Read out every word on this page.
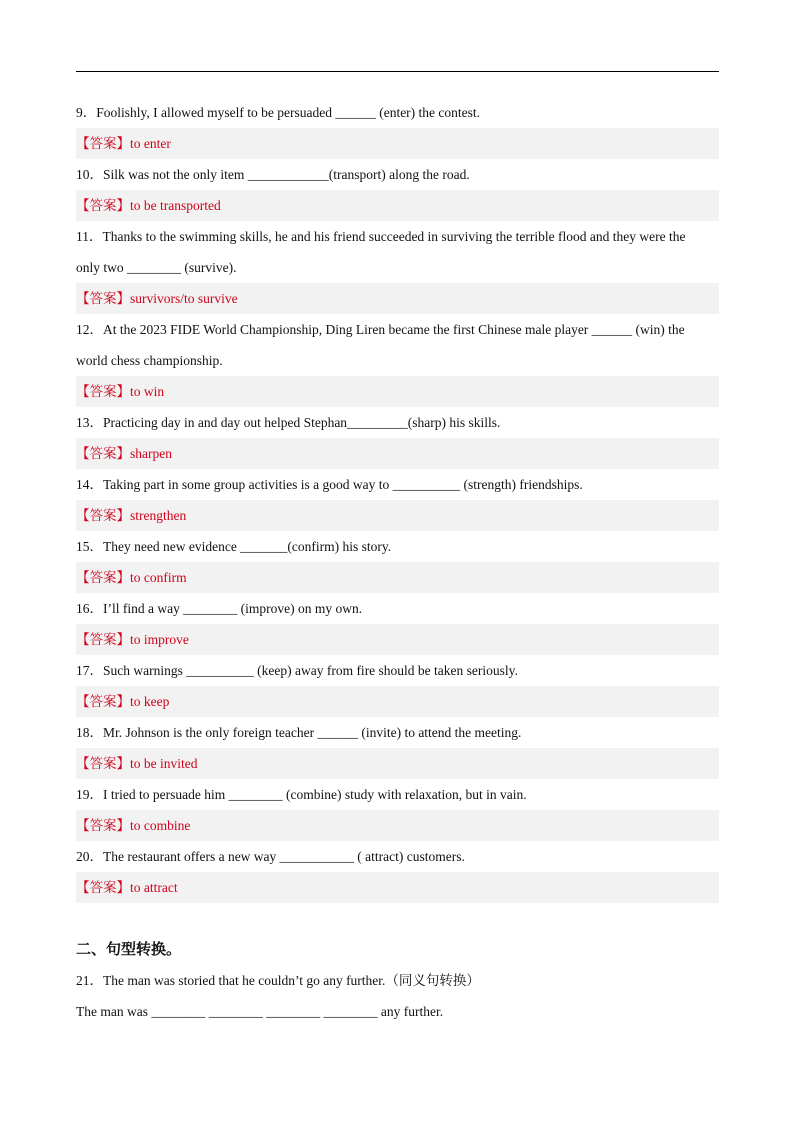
9．Foolishly, I allowed myself to be persuaded ______ (enter) the contest.
【答案】to enter
10．Silk was not the only item ____________(transport) along the road.
【答案】to be transported
11．Thanks to the swimming skills, he and his friend succeeded in surviving the terrible flood and they were the
only two ________ (survive).
【答案】survivors/to survive
12．At the 2023 FIDE World Championship, Ding Liren became the first Chinese male player ______ (win) the
world chess championship.
【答案】to win
13．Practicing day in and day out helped Stephan_________(sharp) his skills.
【答案】sharpen
14．Taking part in some group activities is a good way to __________ (strength) friendships.
【答案】strengthen
15．They need new evidence _______(confirm) his story.
【答案】to confirm
16．I’ll find a way ________ (improve) on my own.
【答案】to improve
17．Such warnings __________ (keep) away from fire should be taken seriously.
【答案】to keep
18．Mr. Johnson is the only foreign teacher ______ (invite) to attend the meeting.
【答案】to be invited
19．I tried to persuade him ________ (combine) study with relaxation, but in vain.
【答案】to combine
20．The restaurant offers a new way ___________ ( attract) customers.
【答案】to attract
二、句型转换。
21．The man was storied that he couldn’t go any further.（同义句转换）
The man was ________ ________ ________ ________ any further.
